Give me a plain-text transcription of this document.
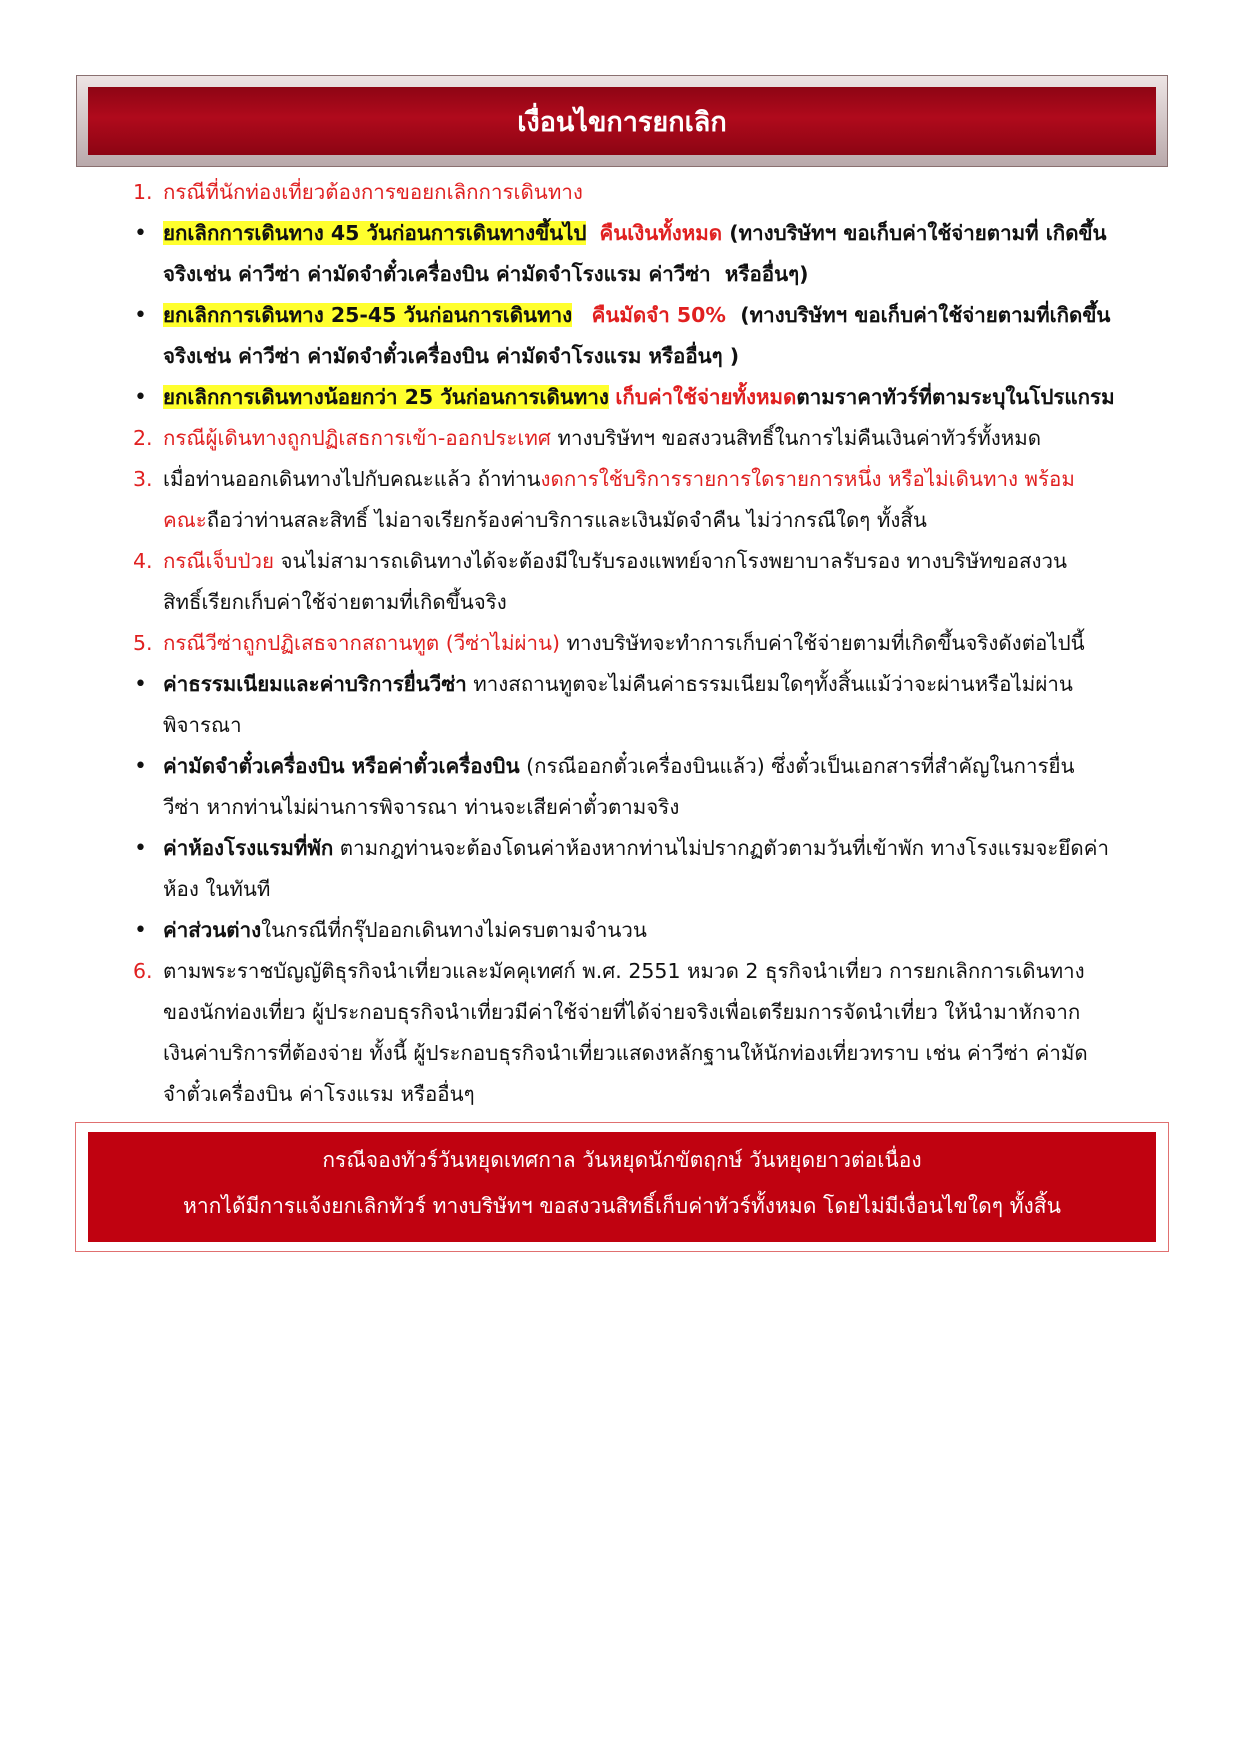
เงื่อนไขการยกเลิก
1. กรณีที่นักท่องเที่ยวต้องการขอยกเลิกการเดินทาง
• ยกเลิกการเดินทาง 45 วันก่อนการเดินทางขึ้นไป คืนเงินทั้งหมด (ทางบริษัทฯ ขอเก็บค่าใช้จ่ายตามที่ เกิดขึ้น
จริงเช่น ค่าวีซ่า ค่ามัดจำตั๋วเครื่องบิน ค่ามัดจำโรงแรม ค่าวีซ่า  หรืออื่นๆ)
• ยกเลิกการเดินทาง 25-45 วันก่อนการเดินทาง คืนมัดจำ 50%  (ทางบริษัทฯ ขอเก็บค่าใช้จ่ายตามที่เกิดขึ้น
จริงเช่น ค่าวีซ่า ค่ามัดจำตั๋วเครื่องบิน ค่ามัดจำโรงแรม หรืออื่นๆ )
• ยกเลิกการเดินทางน้อยกว่า 25 วันก่อนการเดินทาง เก็บค่าใช้จ่ายทั้งหมดตามราคาทัวร์ที่ตามระบุในโปรแกรม
2. กรณีผู้เดินทางถูกปฏิเสธการเข้า-ออกประเทศ ทางบริษัทฯ ขอสงวนสิทธิ์ในการไม่คืนเงินค่าทัวร์ทั้งหมด
3. เมื่อท่านออกเดินทางไปกับคณะแล้ว ถ้าท่านงดการใช้บริการรายการใดรายการหนึ่ง หรือไม่เดินทาง พร้อม
คณะถือว่าท่านสละสิทธิ์ ไม่อาจเรียกร้องค่าบริการและเงินมัดจำคืน ไม่ว่ากรณีใดๆ ทั้งสิ้น
4. กรณีเจ็บป่วย จนไม่สามารถเดินทางได้จะต้องมีใบรับรองแพทย์จากโรงพยาบาลรับรอง ทางบริษัทขอสงวน
สิทธิ์เรียกเก็บค่าใช้จ่ายตามที่เกิดขึ้นจริง
5. กรณีวีซ่าถูกปฏิเสธจากสถานทูต (วีซ่าไม่ผ่าน) ทางบริษัทจะทำการเก็บค่าใช้จ่ายตามที่เกิดขึ้นจริงดังต่อไปนี้
• ค่าธรรมเนียมและค่าบริการยื่นวีซ่า ทางสถานทูตจะไม่คืนค่าธรรมเนียมใดๆทั้งสิ้นแม้ว่าจะผ่านหรือไม่ผ่าน
พิจารณา
• ค่ามัดจำตั๋วเครื่องบิน หรือค่าตั๋วเครื่องบิน (กรณีออกตั๋วเครื่องบินแล้ว) ซึ่งตั๋วเป็นเอกสารที่สำคัญในการยื่น
วีซ่า หากท่านไม่ผ่านการพิจารณา ท่านจะเสียค่าตั๋วตามจริง
• ค่าห้องโรงแรมที่พัก ตามกฎท่านจะต้องโดนค่าห้องหากท่านไม่ปรากฏตัวตามวันที่เข้าพัก ทางโรงแรมจะยึดค่า
ห้อง ในทันที
• ค่าส่วนต่างในกรณีที่กรุ๊ปออกเดินทางไม่ครบตามจำนวน
6. ตามพระราชบัญญัติธุรกิจนำเที่ยวและมัคคุเทศก์ พ.ศ. 2551 หมวด 2 ธุรกิจนำเที่ยว การยกเลิกการเดินทาง
ของนักท่องเที่ยว ผู้ประกอบธุรกิจนำเที่ยวมีค่าใช้จ่ายที่ได้จ่ายจริงเพื่อเตรียมการจัดนำเที่ยว ให้นำมาหักจาก
เงินค่าบริการที่ต้องจ่าย ทั้งนี้ ผู้ประกอบธุรกิจนำเที่ยวแสดงหลักฐานให้นักท่องเที่ยวทราบ เช่น ค่าวีซ่า ค่ามัด
จำตั๋วเครื่องบิน ค่าโรงแรม หรืออื่นๆ
กรณีจองทัวร์วันหยุดเทศกาล วันหยุดนักขัตฤกษ์ วันหยุดยาวต่อเนื่อง
หากได้มีการแจ้งยกเลิกทัวร์ ทางบริษัทฯ ขอสงวนสิทธิ์เก็บค่าทัวร์ทั้งหมด โดยไม่มีเงื่อนไขใดๆ ทั้งสิ้น
